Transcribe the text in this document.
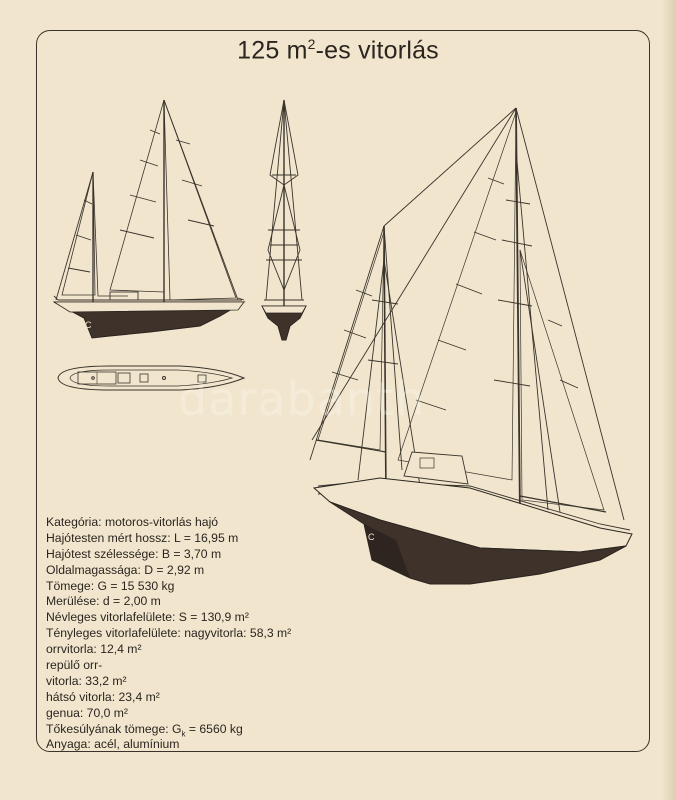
125 $m^2-es$ vitorlás
C
C
darabanth
Kategória: motoros-vitorlás hajó
Hajótesten mért hossz: L = 16,95 m
Hajótest szélessége: B = 3,70 m
Oldalmagassága: D = 2,92 m
Tömege: G = 15 530 kg
Merülése: d = 2,00 m
Névleges vitorlafelülete: S = 130,9 m²
Tényleges vitorlafelülete: nagyvitorla: 58,3 m²
orrvitorla: 12,4 m²
repülő orr-
vitorla: 33,2 m²
hátsó vitorla: 23,4 m²
genua: 70,0 m²
Tőkesúlyának tömege: $G_k = 6560$ kg
Anyaga: acél, alumínium
